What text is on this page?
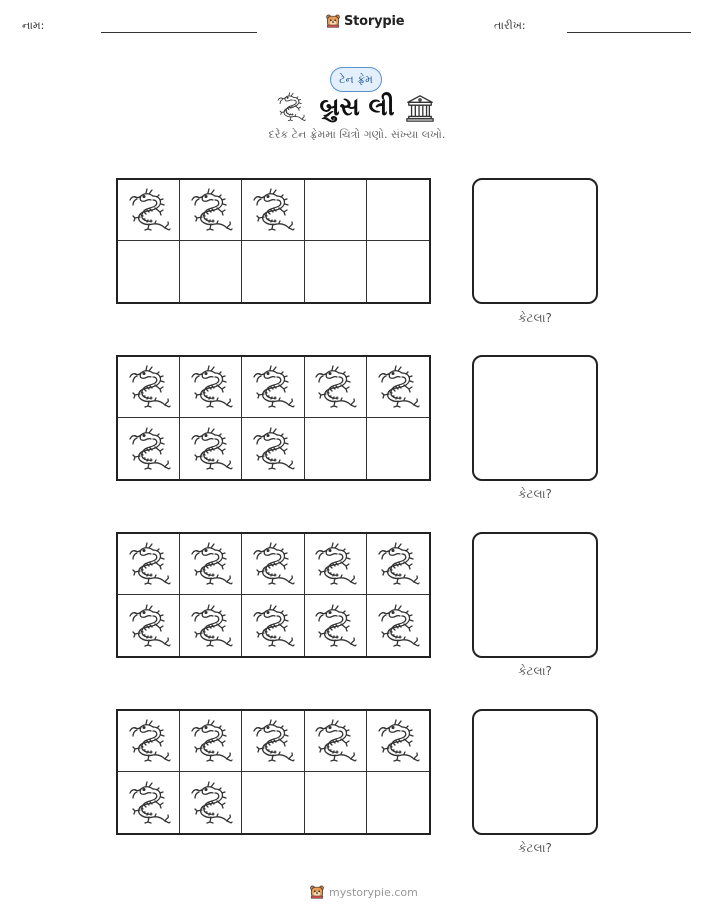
નામ:	Storypie	તારીખ:
ટેન ફ્રેમ
બ્રુસ લી
દરેક ટેન ફ્રેમમાં ચિત્રો ગણો. સંખ્યા લખો.
કેટલા?
કેટલા?
કેટલા?
કેટલા?
mystorypie.com
